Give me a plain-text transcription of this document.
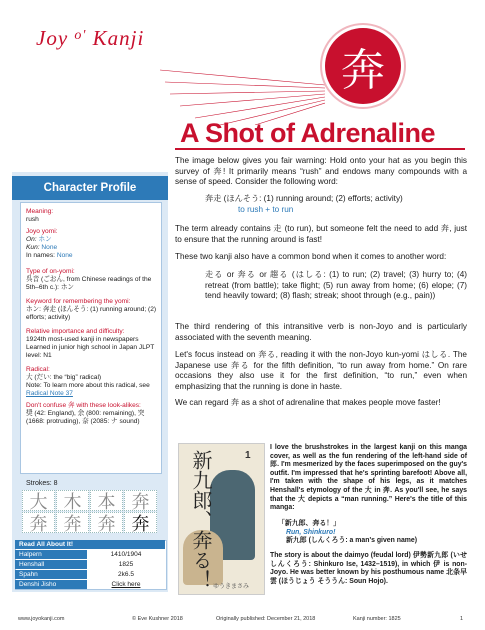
Joy $^{o'}$ Kanji
奔
A Shot of Adrenaline
Character Profile
Meaning:
rush
Joyo yomi:
On: ホン
Kun: None
In names: None
Type of on-yomi:
呉音 (ごおん, from Chinese readings of the 5th–6th c.): ホン
Keyword for remembering the yomi:
ホン: 奔走 (ほんそう: (1) running around; (2) efforts; activity)
Relative importance and difficulty:
1924th most-used kanji in newspapers Learned in junior high school in Japan JLPT level: N1
Radical:
大 (だい: the “big” radical)
Note: To learn more about this radical, see Radical Note 37
Don't confuse 奔 with these look-alikes:
奨 (42: England), 余 (800: remaining), 突 (1668: protruding), 奈 (2085: ナ sound)
Strokes: 8
大 木 本 奔
奔 奔 奔 奔
Read All About It!
Halpern	1410/1904
Henshall	1825
Spahn	2k6.5
Denshi Jisho	Click here
The image below gives you fair warning: Hold onto your hat as you begin this survey of 奔! It primarily means “rush” and endows many compounds with a sense of speed. Consider the following word:
奔走 (ほんそう: (1) running around; (2) efforts; activity)
to rush + to run
The term already contains 走 (to run), but someone felt the need to add 奔, just to ensure that the running around is fast!
These two kanji also have a common bond when it comes to another word:
走る or 奔る or 趨る (はしる: (1) to run; (2) travel; (3) hurry to; (4) retreat (from battle); take flight; (5) run away from home; (6) elope; (7) tend heavily toward; (8) flash; streak; shoot through (e.g., pain))
The third rendering of this intransitive verb is non-Joyo and is particularly associated with the seventh meaning.
Let's focus instead on 奔る, reading it with the non-Joyo kun-yomi はしる. The Japanese use 奔る for the fifth definition, “to run away from home.” On rare occasions they also use it for the first definition, “to run,” even when emphasizing that the running is done in haste.
We can regard 奔 as a shot of adrenaline that makes people move faster!
新九郎、奔る！	1
ゆうきまさみ
I love the brushstrokes in the largest kanji on this manga cover, as well as the fun rendering of the left-hand side of 郎. I'm mesmerized by the faces superimposed on the guy's outfit. I'm impressed that he's sprinting barefoot! Above all, I'm taken with the shape of his legs, as it matches Henshall's etymology of the 大 in 奔. As you'll see, he says that the 大 depicts a “man running.” Here's the title of this manga:
「新九郎、奔る！」
Run, Shinkuro!
新九郎 (しんくろう: a man's given name)
The story is about the daimyo (feudal lord) 伊勢新九郎 (いせ しんくろう: Shinkuro Ise, 1432–1519), in which 伊 is non-Joyo. He was better known by his posthumous name 北条早雲 (ほうじょう そううん: Soun Hojo).
www.joyokanji.com	© Eve Kushner 2018	Originally published: December 21, 2018	Kanji number: 1825	1
